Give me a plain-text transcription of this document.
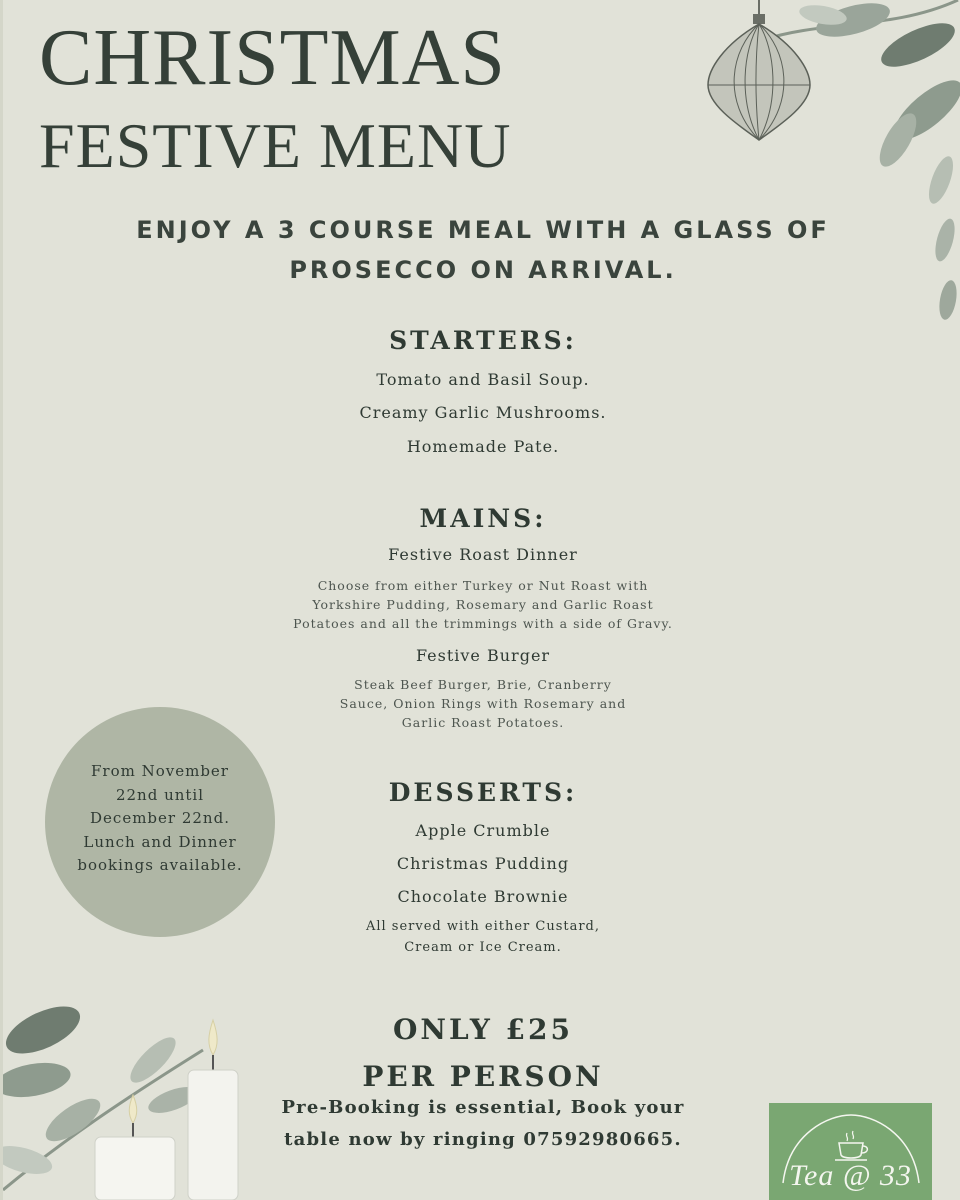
CHRISTMAS
FESTIVE MENU
ENJOY A 3 COURSE MEAL WITH A GLASS OF
PROSECCO ON ARRIVAL.
STARTERS:
Tomato and Basil Soup.
Creamy Garlic Mushrooms.
Homemade Pate.
MAINS:
Festive Roast Dinner
Choose from either Turkey or Nut Roast with
Yorkshire Pudding, Rosemary and Garlic Roast
Potatoes and all the trimmings with a side of Gravy.
Festive Burger
Steak Beef Burger, Brie, Cranberry
Sauce, Onion Rings with Rosemary and
Garlic Roast Potatoes.
From November
22nd until
December 22nd.
Lunch and Dinner
bookings available.
DESSERTS:
Apple Crumble
Christmas Pudding
Chocolate Brownie
All served with either Custard,
Cream or Ice Cream.
ONLY £25
PER PERSON
Pre-Booking is essential, Book your
table now by ringing 07592980665.
Tea @ 33
